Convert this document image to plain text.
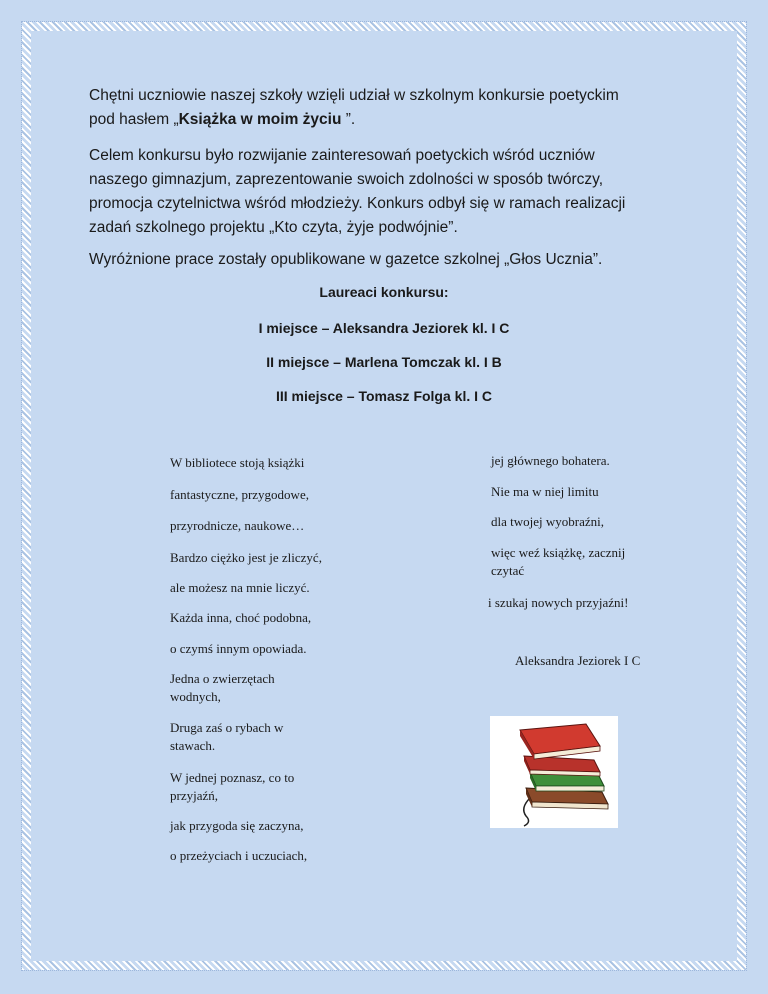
Chętni uczniowie naszej szkoły wzięli udział w szkolnym konkursie poetyckim
pod hasłem „Książka w moim życiu ”.

Celem konkursu było rozwijanie zainteresowań poetyckich wśród uczniów
naszego gimnazjum, zaprezentowanie swoich zdolności w sposób twórczy,
promocja czytelnictwa wśród młodzieży. Konkurs odbył się w ramach realizacji
zadań szkolnego projektu „Kto czyta, żyje podwójnie”.

Wyróżnione prace zostały opublikowane w gazetce szkolnej „Głos Ucznia”.

Laureaci konkursu:
I miejsce – Aleksandra Jeziorek kl. I C
II miejsce – Marlena Tomczak kl. I B
III miejsce – Tomasz Folga kl. I C
W bibliotece stoją książki
fantastyczne, przygodowe,
przyrodnicze, naukowe…
Bardzo ciężko jest je zliczyć,
ale możesz na mnie liczyć.
Każda inna, choć podobna,
o czymś innym opowiada.
Jedna o zwierzętach
wodnych,
Druga zaś o rybach w
stawach.
W jednej poznasz, co to
przyjaźń,
jak przygoda się zaczyna,
o przeżyciach i uczuciach,
jej głównego bohatera.
Nie ma w niej limitu
dla twojej wyobraźni,
więc weź książkę, zacznij
czytać
i szukaj nowych przyjaźni!
Aleksandra Jeziorek I C
